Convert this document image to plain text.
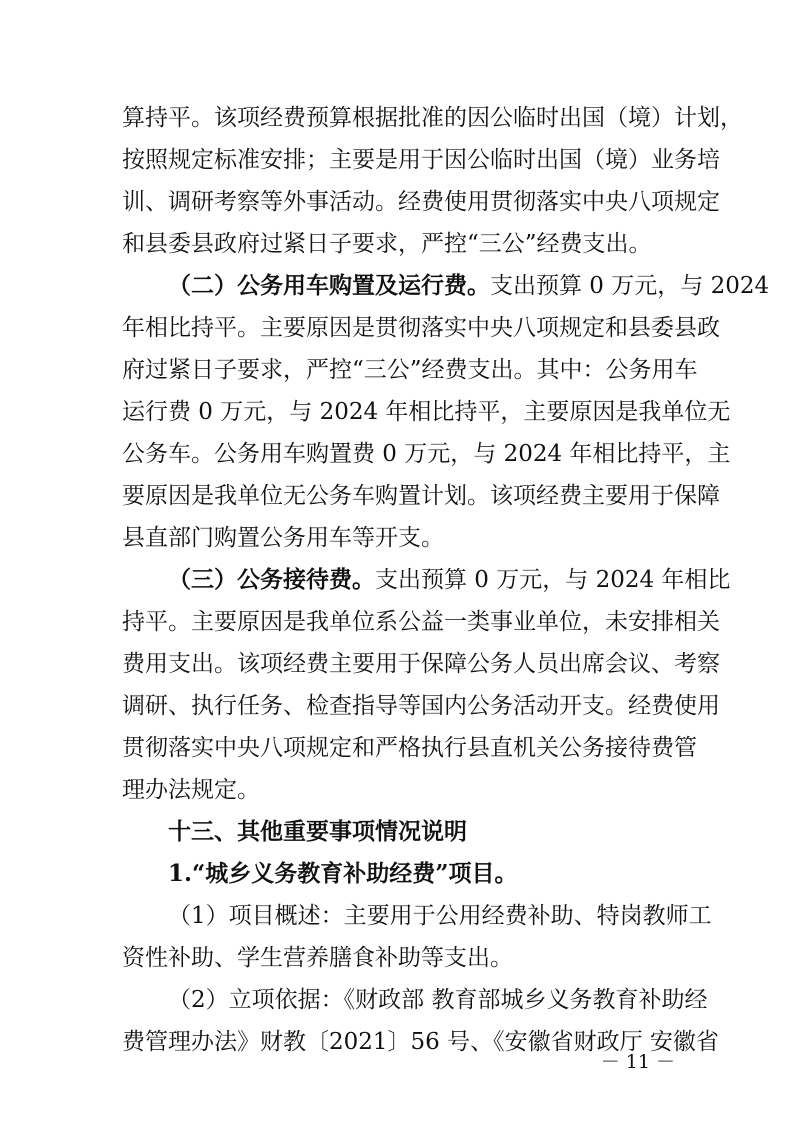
算持平。该项经费预算根据批准的因公临时出国（境）计划，
按照规定标准安排；主要是用于因公临时出国（境）业务培
训、调研考察等外事活动。经费使用贯彻落实中央八项规定
和县委县政府过紧日子要求，严控“三公”经费支出。
（二）公务用车购置及运行费。支出预算 0 万元，与 2024
年相比持平。主要原因是贯彻落实中央八项规定和县委县政
府过紧日子要求，严控“三公”经费支出。其中：公务用车
运行费 0 万元，与 2024 年相比持平，主要原因是我单位无
公务车。公务用车购置费 0 万元，与 2024 年相比持平，主
要原因是我单位无公务车购置计划。该项经费主要用于保障
县直部门购置公务用车等开支。
（三）公务接待费。支出预算 0 万元，与 2024 年相比
持平。主要原因是我单位系公益一类事业单位，未安排相关
费用支出。该项经费主要用于保障公务人员出席会议、考察
调研、执行任务、检查指导等国内公务活动开支。经费使用
贯彻落实中央八项规定和严格执行县直机关公务接待费管
理办法规定。
十三、其他重要事项情况说明
1.“城乡义务教育补助经费”项目。
（1）项目概述：主要用于公用经费补助、特岗教师工
资性补助、学生营养膳食补助等支出。
（2）立项依据：《财政部 教育部城乡义务教育补助经
费管理办法》财教〔2021〕56 号、《安徽省财政厅 安徽省
－ 11 －
